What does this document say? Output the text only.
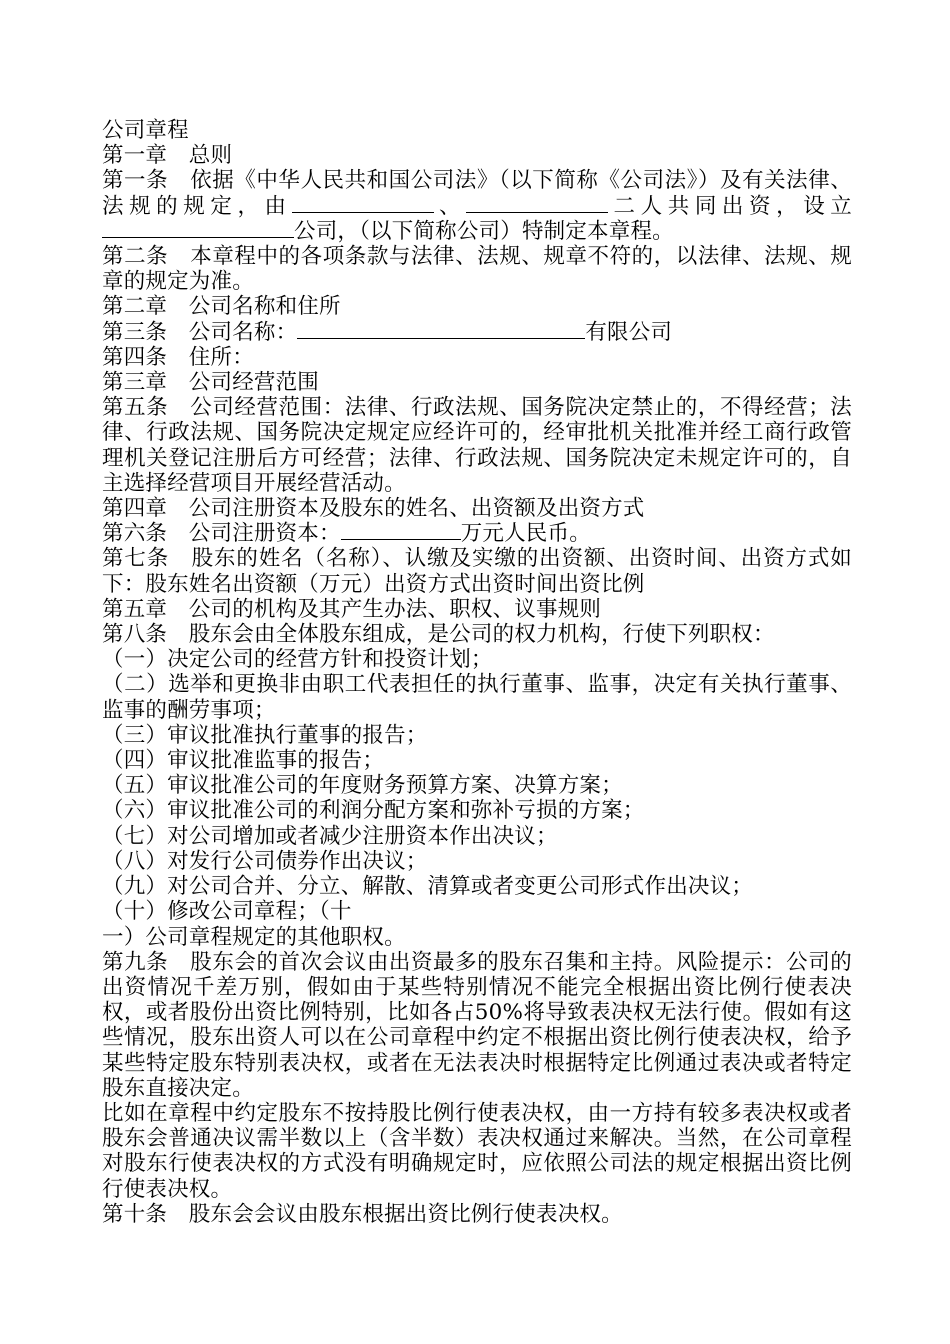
公司章程

第一章　总则

第一条　依据《中华人民共和国公司法》（以下简称《公司法》）及有关法律、法规的规定，由	、	二人共同出资，设立公司，（以下简称公司）特制定本章程。

第二条　本章程中的各项条款与法律、法规、规章不符的，以法律、法规、规章的规定为准。

第二章　公司名称和住所

第三条　公司名称：	有限公司

第四条　住所：

第三章　公司经营范围

第五条　公司经营范围：法律、行政法规、国务院决定禁止的，不得经营；法律、行政法规、国务院决定规定应经许可的，经审批机关批准并经工商行政管理机关登记注册后方可经营；法律、行政法规、国务院决定未规定许可的，自主选择经营项目开展经营活动。

第四章　公司注册资本及股东的姓名、出资额及出资方式

第六条　公司注册资本：	万元人民币。

第七条　股东的姓名（名称）、认缴及实缴的出资额、出资时间、出资方式如下：股东姓名出资额（万元）出资方式出资时间出资比例

第五章　公司的机构及其产生办法、职权、议事规则

第八条　股东会由全体股东组成，是公司的权力机构，行使下列职权：

（一）决定公司的经营方针和投资计划；

（二）选举和更换非由职工代表担任的执行董事、监事，决定有关执行董事、监事的酬劳事项；

（三）审议批准执行董事的报告；

（四）审议批准监事的报告；

（五）审议批准公司的年度财务预算方案、决算方案；

（六）审议批准公司的利润分配方案和弥补亏损的方案；

（七）对公司增加或者减少注册资本作出决议；

（八）对发行公司债券作出决议；

（九）对公司合并、分立、解散、清算或者变更公司形式作出决议；

（十）修改公司章程；（十

一）公司章程规定的其他职权。

第九条　股东会的首次会议由出资最多的股东召集和主持。风险提示：公司的出资情况千差万别，假如由于某些特别情况不能完全根据出资比例行使表决权，或者股份出资比例特别，比如各占50%将导致表决权无法行使。假如有这些情况，股东出资人可以在公司章程中约定不根据出资比例行使表决权，给予某些特定股东特别表决权，或者在无法表决时根据特定比例通过表决或者特定股东直接决定。

比如在章程中约定股东不按持股比例行使表决权，由一方持有较多表决权或者股东会普通决议需半数以上（含半数）表决权通过来解决。当然，在公司章程对股东行使表决权的方式没有明确规定时，应依照公司法的规定根据出资比例行使表决权。

第十条　股东会会议由股东根据出资比例行使表决权。
